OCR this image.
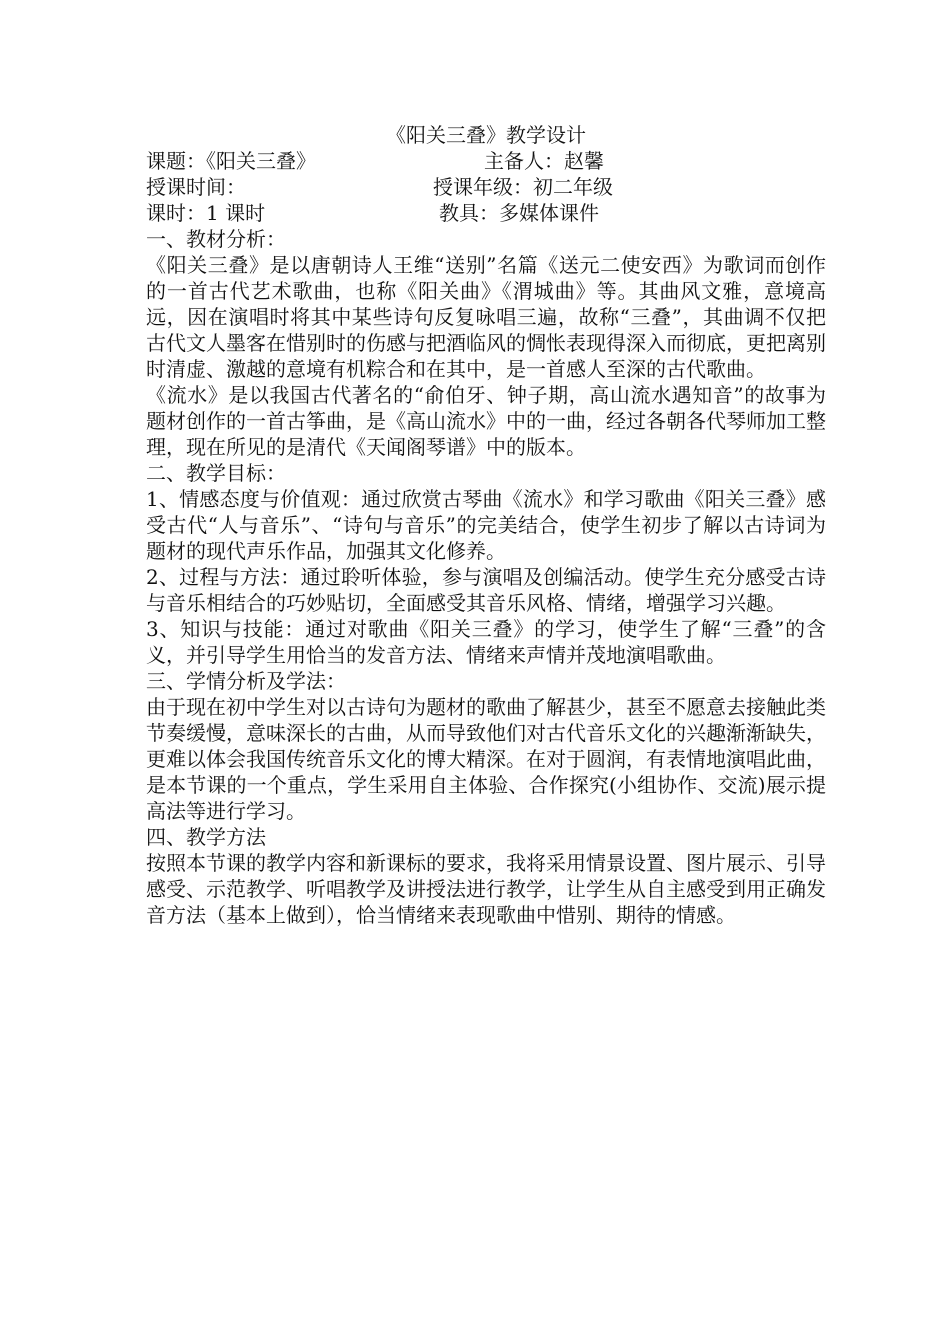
《阳关三叠》教学设计
课题：《阳关三叠》	主备人：赵馨
授课时间：	授课年级：初二年级
课时：1 课时	教具：多媒体课件

一、教材分析：

《阳关三叠》是以唐朝诗人王维“送别”名篇《送元二使安西》为歌词而创作的一首古代艺术歌曲，也称《阳关曲》《渭城曲》等。其曲风文雅，意境高远，因在演唱时将其中某些诗句反复咏唱三遍，故称“三叠”，其曲调不仅把古代文人墨客在惜别时的伤感与把酒临风的惆怅表现得深入而彻底，更把离别时清虚、激越的意境有机粽合和在其中，是一首感人至深的古代歌曲。

《流水》是以我国古代著名的“俞伯牙、钟子期，高山流水遇知音”的故事为题材创作的一首古筝曲，是《高山流水》中的一曲，经过各朝各代琴师加工整理，现在所见的是清代《天闻阁琴谱》中的版本。

二、教学目标：

1、情感态度与价值观：通过欣赏古琴曲《流水》和学习歌曲《阳关三叠》感受古代“人与音乐”、“诗句与音乐”的完美结合，使学生初步了解以古诗词为题材的现代声乐作品，加强其文化修养。

2、过程与方法：通过聆听体验，参与演唱及创编活动。使学生充分感受古诗与音乐相结合的巧妙贴切，全面感受其音乐风格、情绪，增强学习兴趣。

3、知识与技能：通过对歌曲《阳关三叠》的学习，使学生了解“三叠”的含义，并引导学生用恰当的发音方法、情绪来声情并茂地演唱歌曲。

三、学情分析及学法：

由于现在初中学生对以古诗句为题材的歌曲了解甚少，甚至不愿意去接触此类节奏缓慢，意味深长的古曲，从而导致他们对古代音乐文化的兴趣渐渐缺失，更难以体会我国传统音乐文化的博大精深。在对于圆润，有表情地演唱此曲，是本节课的一个重点，学生采用自主体验、合作探究(小组协作、交流)展示提高法等进行学习。

四、教学方法

按照本节课的教学内容和新课标的要求，我将采用情景设置、图片展示、引导感受、示范教学、听唱教学及讲授法进行教学，让学生从自主感受到用正确发音方法（基本上做到），恰当情绪来表现歌曲中惜别、期待的情感。
